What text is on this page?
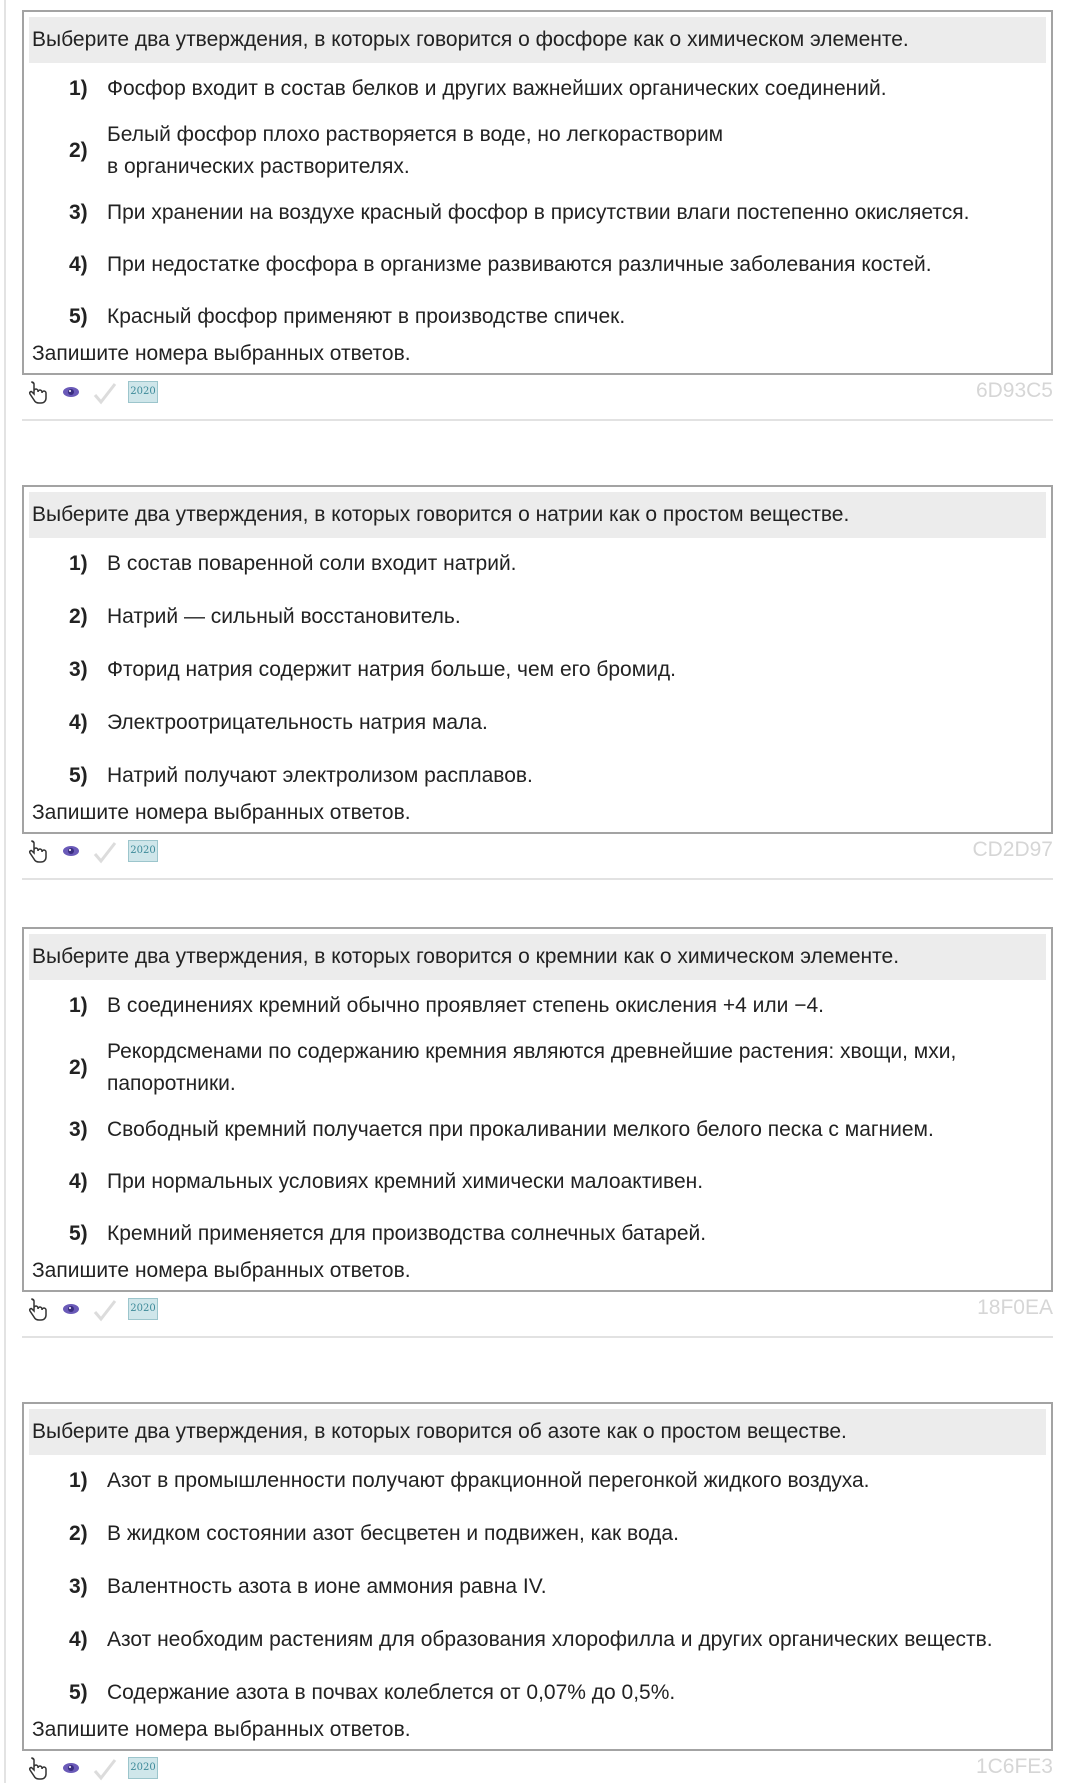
Выберите два утверждения, в которых говорится о фосфоре как о химическом элементе.
1) Фосфор входит в состав белков и других важнейших органических соединений.
2)
Белый фосфор плохо растворяется в воде, но легкорастворим
в органических растворителях.
3) При хранении на воздухе красный фосфор в присутствии влаги постепенно окисляется.
4) При недостатке фосфора в организме развиваются различные заболевания костей.
5) Красный фосфор применяют в производстве спичек.
Запишите номера выбранных ответов.
2020	6D93C5
Выберите два утверждения, в которых говорится о натрии как о простом веществе.
1) В состав поваренной соли входит натрий.
2) Натрий — сильный восстановитель.
3) Фторид натрия содержит натрия больше, чем его бромид.
4) Электроотрицательность натрия мала.
5) Натрий получают электролизом расплавов.
Запишите номера выбранных ответов.
2020	CD2D97
Выберите два утверждения, в которых говорится о кремнии как о химическом элементе.
1) В соединениях кремний обычно проявляет степень окисления +4 или −4.
2)
Рекордсменами по содержанию кремния являются древнейшие растения: хвощи, мхи,
папоротники.
3) Свободный кремний получается при прокаливании мелкого белого песка с магнием.
4) При нормальных условиях кремний химически малоактивен.
5) Кремний применяется для производства солнечных батарей.
Запишите номера выбранных ответов.
2020	18F0EA
Выберите два утверждения, в которых говорится об азоте как о простом веществе.
1) Азот в промышленности получают фракционной перегонкой жидкого воздуха.
2) В жидком состоянии азот бесцветен и подвижен, как вода.
3) Валентность азота в ионе аммония равна IV.
4) Азот необходим растениям для образования хлорофилла и других органических веществ.
5) Содержание азота в почвах колеблется от 0,07% до 0,5%.
Запишите номера выбранных ответов.
2020	1C6FE3
